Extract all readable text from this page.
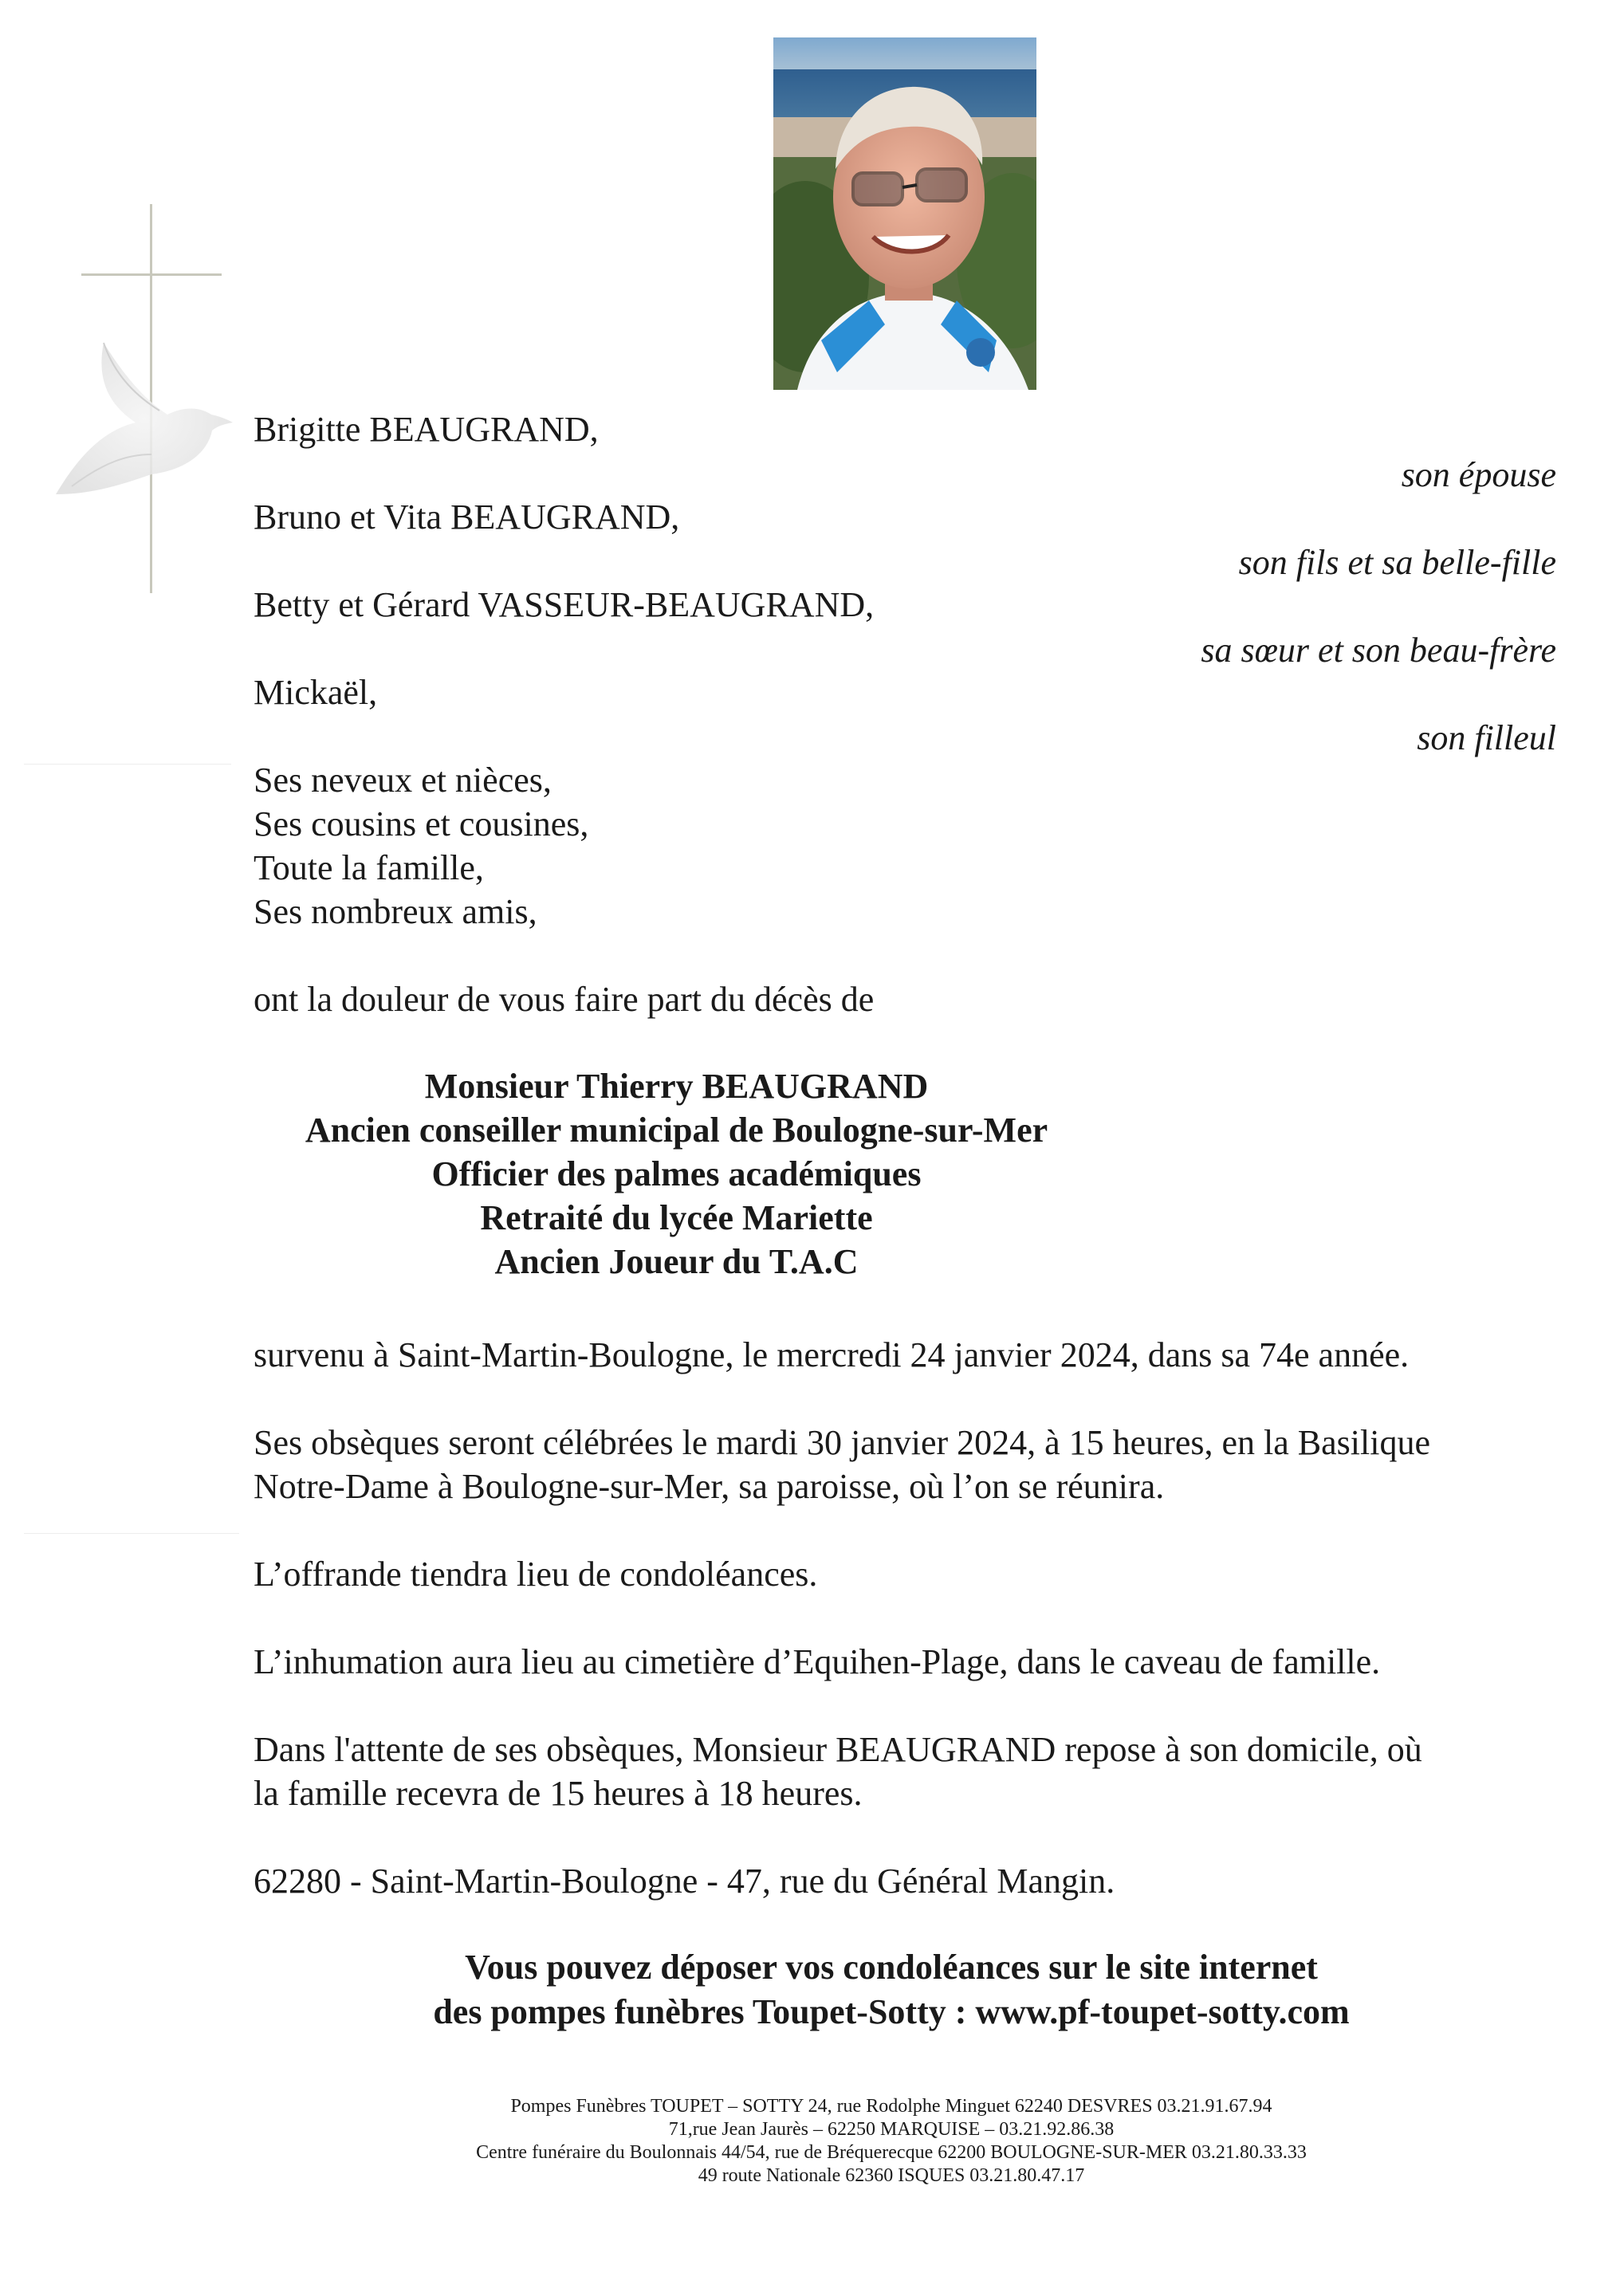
Brigitte BEAUGRAND,
son épouse
Bruno et Vita BEAUGRAND,
son fils et sa belle-fille
Betty et Gérard VASSEUR-BEAUGRAND,
sa sœur et son beau-frère
Mickaël,
son filleul
Ses neveux et nièces,
Ses cousins et cousines,
Toute la famille,
Ses nombreux amis,
ont la douleur de vous faire part du décès de
Monsieur Thierry BEAUGRAND
Ancien conseiller municipal de Boulogne-sur-Mer
Officier des palmes académiques
Retraité du lycée Mariette
Ancien Joueur du T.A.C
survenu à Saint-Martin-Boulogne, le mercredi 24 janvier 2024, dans sa 74e année.
Ses obsèques seront célébrées le mardi 30 janvier 2024, à 15 heures, en la Basilique
Notre-Dame à Boulogne-sur-Mer, sa paroisse, où l’on se réunira.
L’offrande tiendra lieu de condoléances.
L’inhumation aura lieu au cimetière d’Equihen-Plage, dans le caveau de famille.
Dans l'attente de ses obsèques, Monsieur BEAUGRAND repose à son domicile, où
la famille recevra de 15 heures à 18 heures.
62280 - Saint-Martin-Boulogne - 47, rue du Général Mangin.
Vous pouvez déposer vos condoléances sur le site internet
des pompes funèbres Toupet-Sotty : www.pf-toupet-sotty.com
Pompes Funèbres TOUPET – SOTTY 24, rue Rodolphe Minguet 62240 DESVRES 03.21.91.67.94
71,rue Jean Jaurès – 62250 MARQUISE – 03.21.92.86.38
Centre funéraire du Boulonnais 44/54, rue de Bréquerecque 62200 BOULOGNE-SUR-MER 03.21.80.33.33
49 route Nationale 62360 ISQUES 03.21.80.47.17
